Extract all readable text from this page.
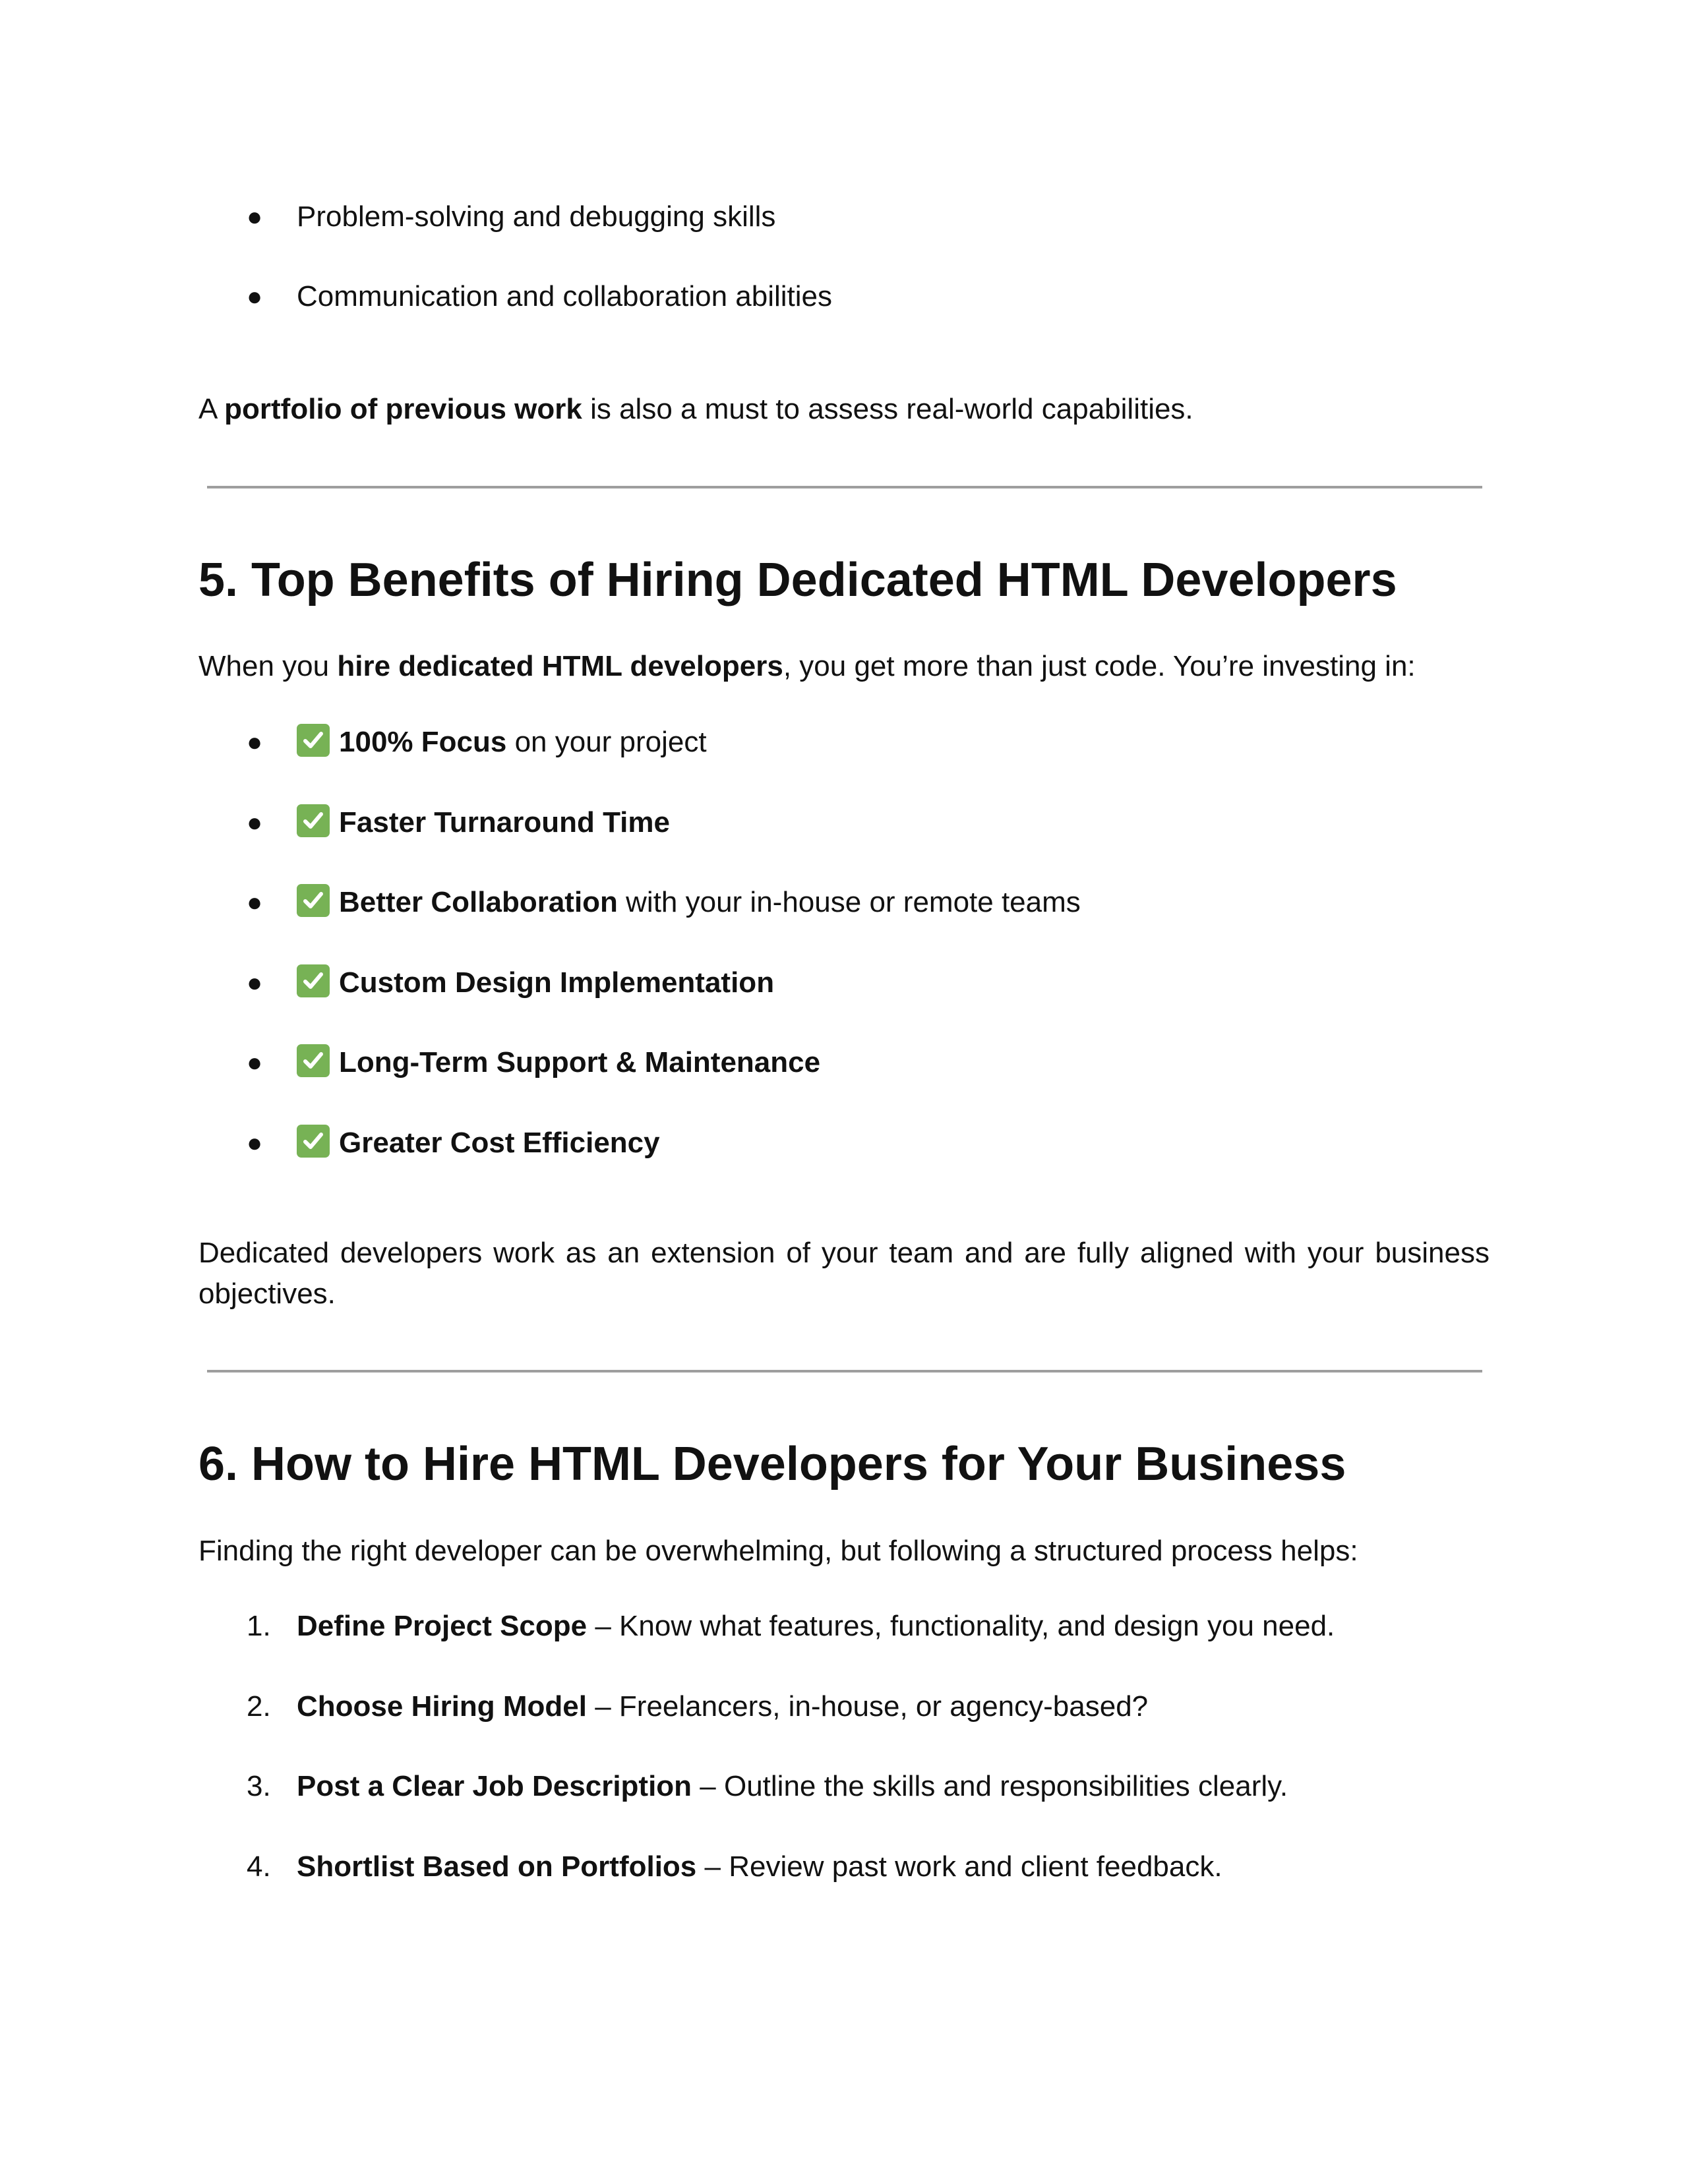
● Problem-solving and debugging skills
● Communication and collaboration abilities
A portfolio of previous work is also a must to assess real-world capabilities.
5. Top Benefits of Hiring Dedicated HTML Developers
When you hire dedicated HTML developers, you get more than just code. You’re investing in:
●	100% Focus on your project
●	Faster Turnaround Time
●	Better Collaboration with your in-house or remote teams
●	Custom Design Implementation
●	Long-Term Support & Maintenance
●	Greater Cost Efficiency
Dedicated developers work as an extension of your team and are fully aligned with your business objectives.
6. How to Hire HTML Developers for Your Business
Finding the right developer can be overwhelming, but following a structured process helps:
1. Define Project Scope – Know what features, functionality, and design you need.
2. Choose Hiring Model – Freelancers, in-house, or agency-based?
3. Post a Clear Job Description – Outline the skills and responsibilities clearly.
4. Shortlist Based on Portfolios – Review past work and client feedback.
